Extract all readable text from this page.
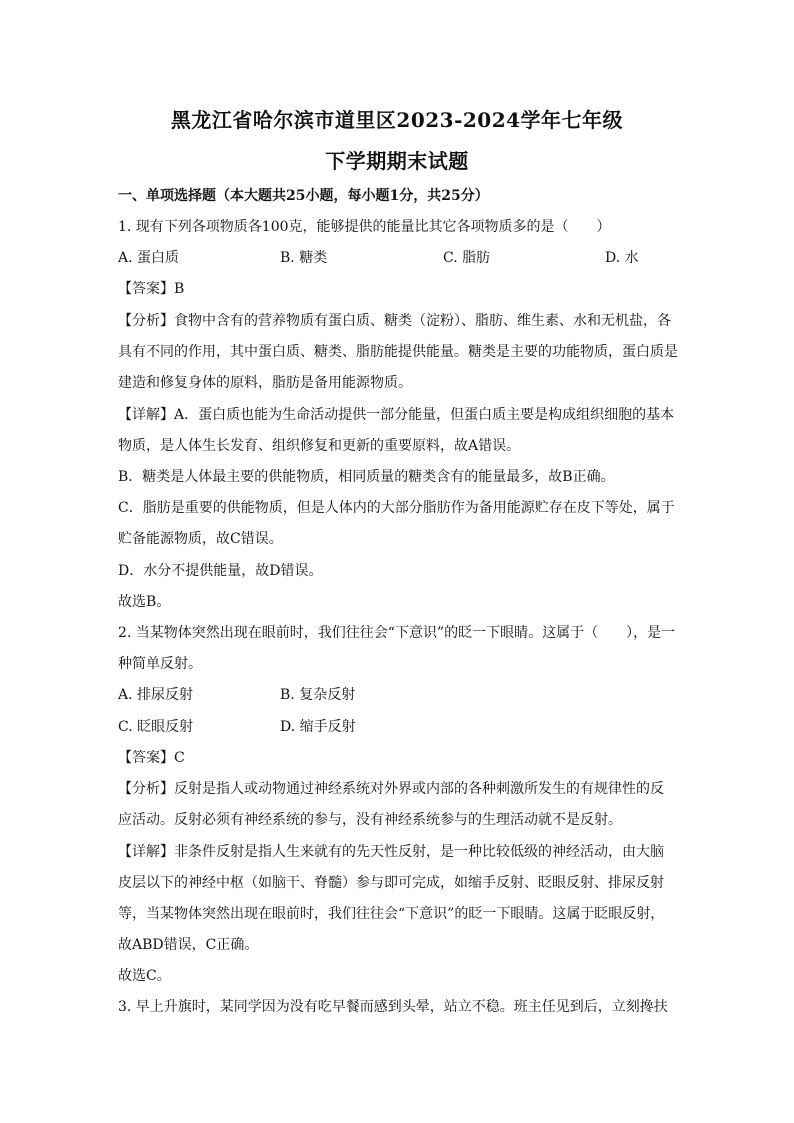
黑龙江省哈尔滨市道里区2023-2024学年七年级
下学期期末试题
一、单项选择题（本大题共25小题，每小题1分，共25分）
1. 现有下列各项物质各100克，能够提供的能量比其它各项物质多的是（　　）
A. 蛋白质	B. 糖类	C. 脂肪	D. 水
【答案】B
【分析】食物中含有的营养物质有蛋白质、糖类（淀粉）、脂肪、维生素、水和无机盐，各
具有不同的作用，其中蛋白质、糖类、脂肪能提供能量。糖类是主要的功能物质，蛋白质是
建造和修复身体的原料，脂肪是备用能源物质。
【详解】A．蛋白质也能为生命活动提供一部分能量，但蛋白质主要是构成组织细胞的基本
物质，是人体生长发育、组织修复和更新的重要原料，故A错误。
B．糖类是人体最主要的供能物质，相同质量的糖类含有的能量最多，故B正确。
C．脂肪是重要的供能物质，但是人体内的大部分脂肪作为备用能源贮存在皮下等处，属于
贮备能源物质，故C错误。
D．水分不提供能量，故D错误。
故选B。
2. 当某物体突然出现在眼前时，我们往往会“下意识”的眨一下眼睛。这属于（　　），是一
种简单反射。
A. 排尿反射	B. 复杂反射
C. 眨眼反射	D. 缩手反射
【答案】C
【分析】反射是指人或动物通过神经系统对外界或内部的各种刺激所发生的有规律性的反
应活动。反射必须有神经系统的参与，没有神经系统参与的生理活动就不是反射。
【详解】非条件反射是指人生来就有的先天性反射，是一种比较低级的神经活动，由大脑
皮层以下的神经中枢（如脑干、脊髓）参与即可完成，如缩手反射、眨眼反射、排尿反射
等，当某物体突然出现在眼前时，我们往往会“下意识”的眨一下眼睛。这属于眨眼反射，
故ABD错误，C正确。
故选C。
3. 早上升旗时，某同学因为没有吃早餐而感到头晕，站立不稳。班主任见到后，立刻搀扶
